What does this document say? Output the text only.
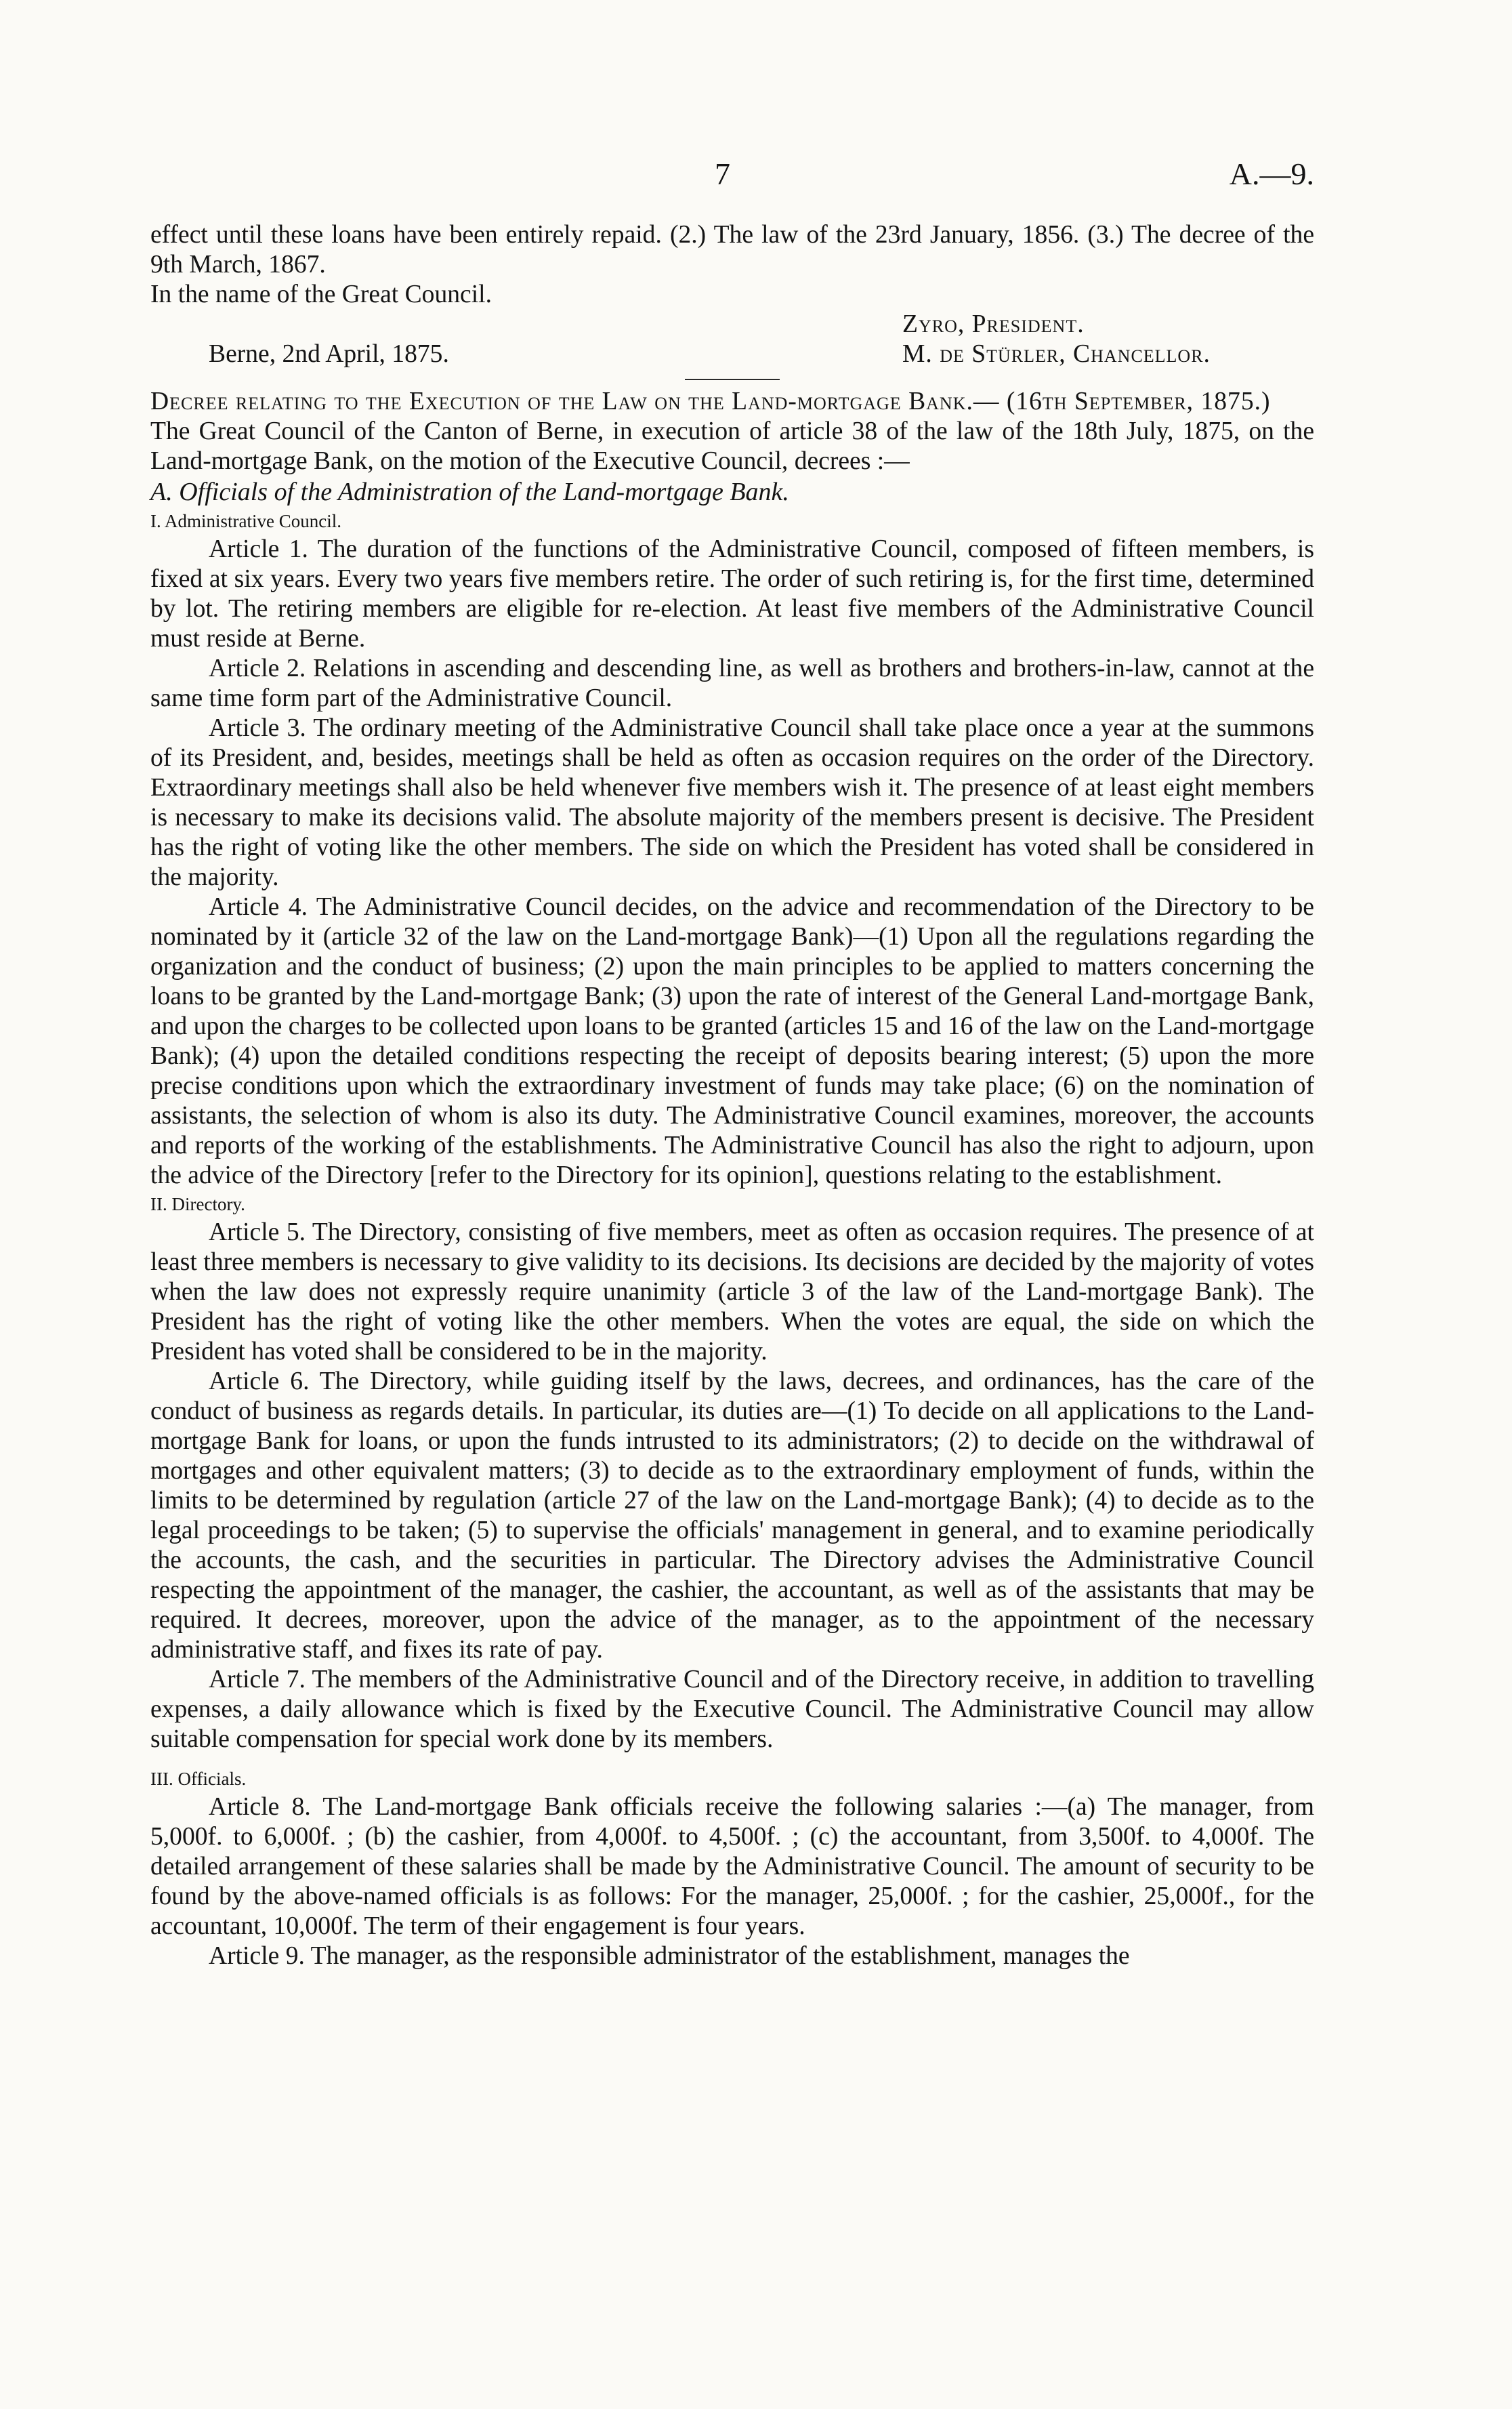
7	A.—9.

effect until these loans have been entirely repaid. (2.) The law of the 23rd January, 1856. (3.) The decree of the 9th March, 1867.

In the name of the Great Council.

Zyro, President.
Berne, 2nd April, 1875.	M. de Stürler, Chancellor.

Decree relating to the Execution of the Law on the Land-mortgage Bank.— (16th September, 1875.)

The Great Council of the Canton of Berne, in execution of article 38 of the law of the 18th July, 1875, on the Land-mortgage Bank, on the motion of the Executive Council, decrees :—

A. Officials of the Administration of the Land-mortgage Bank.

I. Administrative Council.

Article 1. The duration of the functions of the Administrative Council, composed of fifteen members, is fixed at six years. Every two years five members retire. The order of such retiring is, for the first time, determined by lot. The retiring members are eligible for re-election. At least five members of the Administrative Council must reside at Berne.

Article 2. Relations in ascending and descending line, as well as brothers and brothers-in-law, cannot at the same time form part of the Administrative Council.

Article 3. The ordinary meeting of the Administrative Council shall take place once a year at the summons of its President, and, besides, meetings shall be held as often as occasion requires on the order of the Directory. Extraordinary meetings shall also be held whenever five members wish it. The presence of at least eight members is necessary to make its decisions valid. The absolute majority of the members present is decisive. The President has the right of voting like the other members. The side on which the President has voted shall be considered in the majority.

Article 4. The Administrative Council decides, on the advice and recommendation of the Directory to be nominated by it (article 32 of the law on the Land-mortgage Bank)—(1) Upon all the regulations regarding the organization and the conduct of business; (2) upon the main principles to be applied to matters concerning the loans to be granted by the Land-mortgage Bank; (3) upon the rate of interest of the General Land-mortgage Bank, and upon the charges to be collected upon loans to be granted (articles 15 and 16 of the law on the Land-mortgage Bank); (4) upon the detailed conditions respecting the receipt of deposits bearing interest; (5) upon the more precise conditions upon which the extraordinary investment of funds may take place; (6) on the nomination of assistants, the selection of whom is also its duty. The Administrative Council examines, moreover, the accounts and reports of the working of the establishments. The Administrative Council has also the right to adjourn, upon the advice of the Directory [refer to the Directory for its opinion], questions relating to the establishment.

II. Directory.

Article 5. The Directory, consisting of five members, meet as often as occasion requires. The presence of at least three members is necessary to give validity to its decisions. Its decisions are decided by the majority of votes when the law does not expressly require unanimity (article 3 of the law of the Land-mortgage Bank). The President has the right of voting like the other members. When the votes are equal, the side on which the President has voted shall be considered to be in the majority.

Article 6. The Directory, while guiding itself by the laws, decrees, and ordinances, has the care of the conduct of business as regards details. In particular, its duties are—(1) To decide on all applications to the Land-mortgage Bank for loans, or upon the funds intrusted to its administrators; (2) to decide on the withdrawal of mortgages and other equivalent matters; (3) to decide as to the extraordinary employment of funds, within the limits to be determined by regulation (article 27 of the law on the Land-mortgage Bank); (4) to decide as to the legal proceedings to be taken; (5) to supervise the officials' management in general, and to examine periodically the accounts, the cash, and the securities in particular. The Directory advises the Administrative Council respecting the appointment of the manager, the cashier, the accountant, as well as of the assistants that may be required. It decrees, moreover, upon the advice of the manager, as to the appointment of the necessary administrative staff, and fixes its rate of pay.

Article 7. The members of the Administrative Council and of the Directory receive, in addition to travelling expenses, a daily allowance which is fixed by the Executive Council. The Administrative Council may allow suitable compensation for special work done by its members.

III. Officials.

Article 8. The Land-mortgage Bank officials receive the following salaries :—(a) The manager, from 5,000f. to 6,000f. ; (b) the cashier, from 4,000f. to 4,500f. ; (c) the accountant, from 3,500f. to 4,000f. The detailed arrangement of these salaries shall be made by the Administrative Council. The amount of security to be found by the above-named officials is as follows: For the manager, 25,000f. ; for the cashier, 25,000f., for the accountant, 10,000f. The term of their engagement is four years.

Article 9. The manager, as the responsible administrator of the establishment, manages the
